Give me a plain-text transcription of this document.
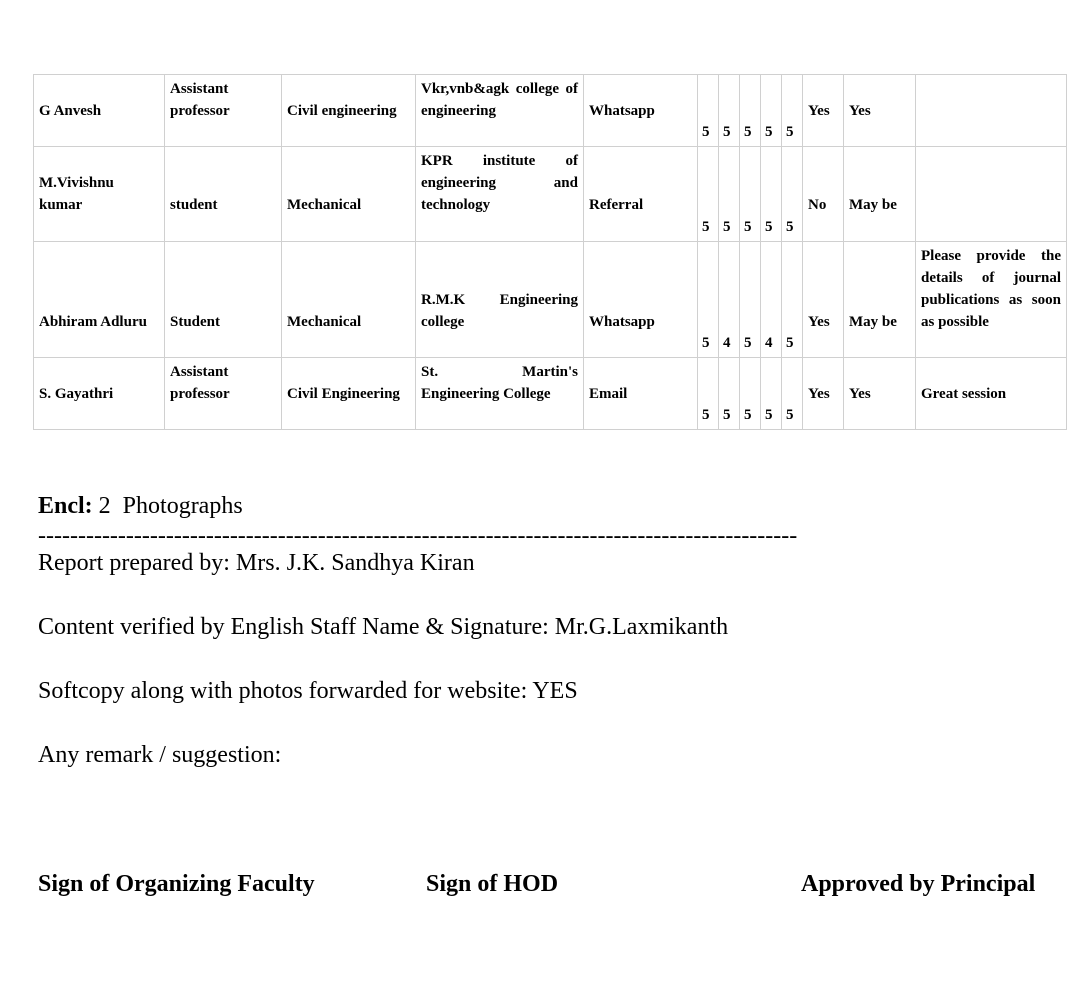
G Anvesh	Assistant professor	Civil engineering	Vkr,vnb&agk college of engineering	Whatsapp	5	5	5	5	5	Yes	Yes	
M.Vivishnu kumar	student	Mechanical	KPR institute of engineering and technology	Referral	5	5	5	5	5	No	May be	
Abhiram Adluru	Student	Mechanical	R.M.K Engineering college	Whatsapp	5	4	5	4	5	Yes	May be	Please provide the details of journal publications as soon as possible
S. Gayathri	Assistant professor	Civil Engineering	St. Martin's Engineering College	Email	5	5	5	5	5	Yes	Yes	Great session
Encl: 2  Photographs
-----------------------------------------------------------------------------------------------
Report prepared by: Mrs. J.K. Sandhya Kiran
Content verified by English Staff Name & Signature: Mr.G.Laxmikanth
Softcopy along with photos forwarded for website: YES
Any remark / suggestion:
Sign of Organizing Faculty	Sign of HOD	Approved by Principal
